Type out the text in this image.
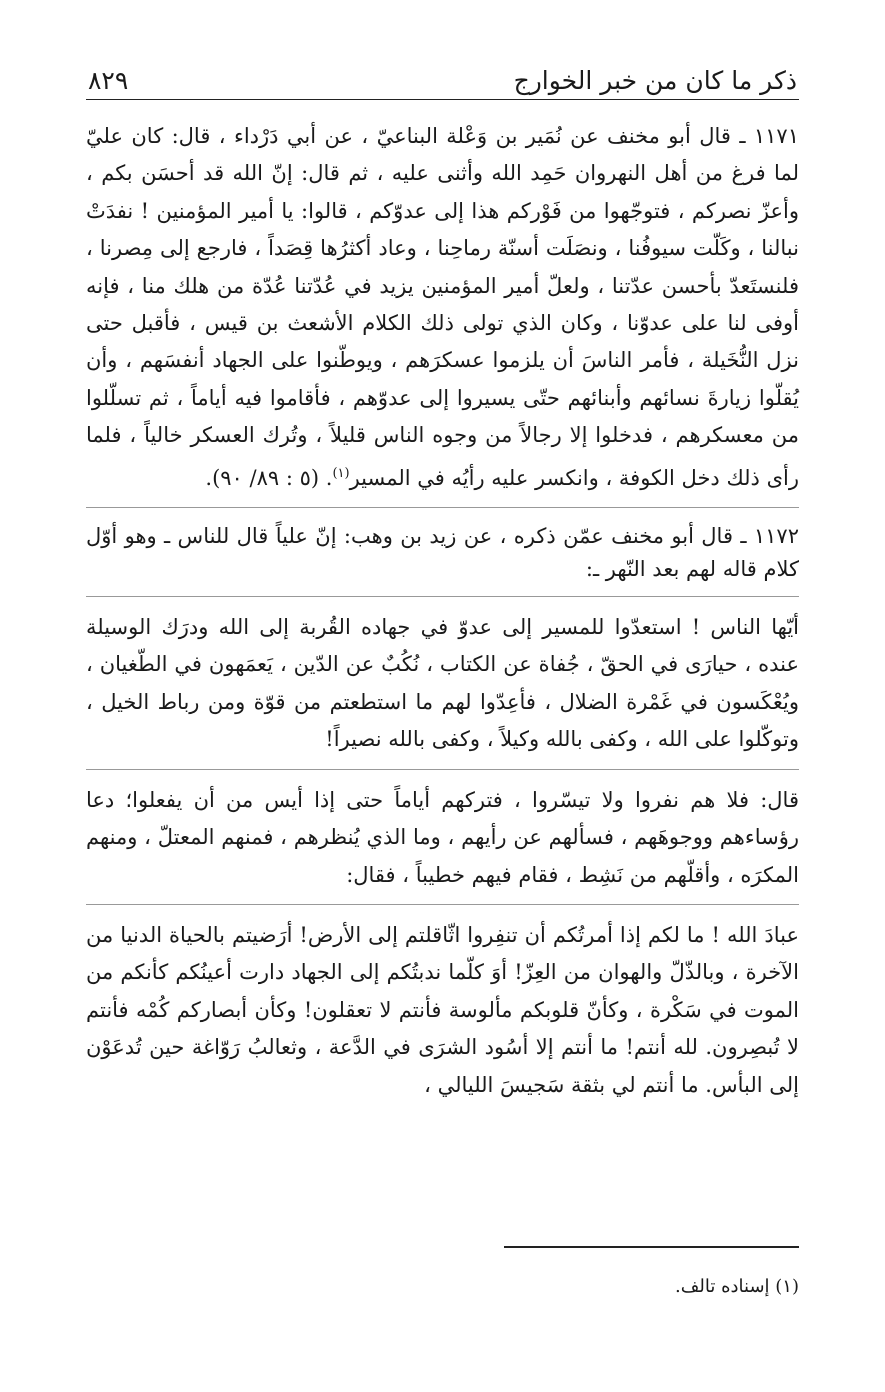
ذكر ما كان من خبر الخوارج
٨٢٩

١١٧١ ـ قال أبو مخنف عن نُمَير بن وَعْلة البناعيّ ، عن أبي دَرْداء ، قال: كان عليّ لما فرغ من أهل النهروان حَمِد الله وأثنى عليه ، ثم قال: إنّ الله قد أحسَن بكم ، وأعزّ نصركم ، فتوجّهوا من فَوْركم هذا إلى عدوّكم ، قالوا: يا أمير المؤمنين ! نفدَتْ نبالنا ، وكَلّت سيوفُنا ، ونصَلَت أسنّة رماحِنا ، وعاد أكثرُها قِصَداً ، فارجع إلى مِصرنا ، فلنستَعدّ بأحسن عدّتنا ، ولعلّ أمير المؤمنين يزيد في عُدّتنا عُدّة من هلك منا ، فإنه أوفى لنا على عدوّنا ، وكان الذي تولى ذلك الكلام الأشعث بن قيس ، فأقبل حتى نزل النُّخَيلة ، فأمر الناسَ أن يلزموا عسكرَهم ، ويوطّنوا على الجهاد أنفسَهم ، وأن يُقلّوا زيارةَ نسائهم وأبنائهم حتّى يسيروا إلى عدوّهم ، فأقاموا فيه أياماً ، ثم تسلّلوا من معسكرهم ، فدخلوا إلا رجالاً من وجوه الناس قليلاً ، وتُرك العسكر خالياً ، فلما رأى ذلك دخل الكوفة ، وانكسر عليه رأيُه في المسير$^{(١)}$. (٥ : ٨٩/ ٩٠).

١١٧٢ ـ قال أبو مخنف عمّن ذكره ، عن زيد بن وهب: إنّ علياً قال للناس ـ وهو أوّل كلام قاله لهم بعد النّهر ـ:

أيّها الناس ! استعدّوا للمسير إلى عدوّ في جهاده القُربة إلى الله ودرَك الوسيلة عنده ، حيارَى في الحقّ ، جُفاة عن الكتاب ، نُكُبٌ عن الدّين ، يَعمَهون في الطّغيان ، ويُعْكَسون في غَمْرة الضلال ، فأعِدّوا لهم ما استطعتم من قوّة ومن رباط الخيل ، وتوكّلوا على الله ، وكفى بالله وكيلاً ، وكفى بالله نصيراً!

قال: فلا هم نفروا ولا تيسّروا ، فتركهم أياماً حتى إذا أيس من أن يفعلوا؛ دعا رؤساءهم ووجوهَهم ، فسألهم عن رأيهم ، وما الذي يُنظرهم ، فمنهم المعتلّ ، ومنهم المكرَه ، وأقلّهم من نَشِط ، فقام فيهم خطيباً ، فقال:

عبادَ الله ! ما لكم إذا أمرتُكم أن تنفِروا اثّاقلتم إلى الأرض! أرَضيتم بالحياة الدنيا من الآخرة ، وبالذّلّ والهوان من العِزّ! أوَ كلّما ندبتُكم إلى الجهاد دارت أعينُكم كأنكم من الموت في سَكْرة ، وكأنّ قلوبكم مألوسة فأنتم لا تعقلون! وكأن أبصاركم كُمْه فأنتم لا تُبصِرون. لله أنتم! ما أنتم إلا أسُود الشرَى في الدَّعة ، وثعالبُ رَوّاغة حين تُدعَوْن إلى البأس. ما أنتم لي بثقة سَجيسَ الليالي ،

(١) إسناده تالف.
